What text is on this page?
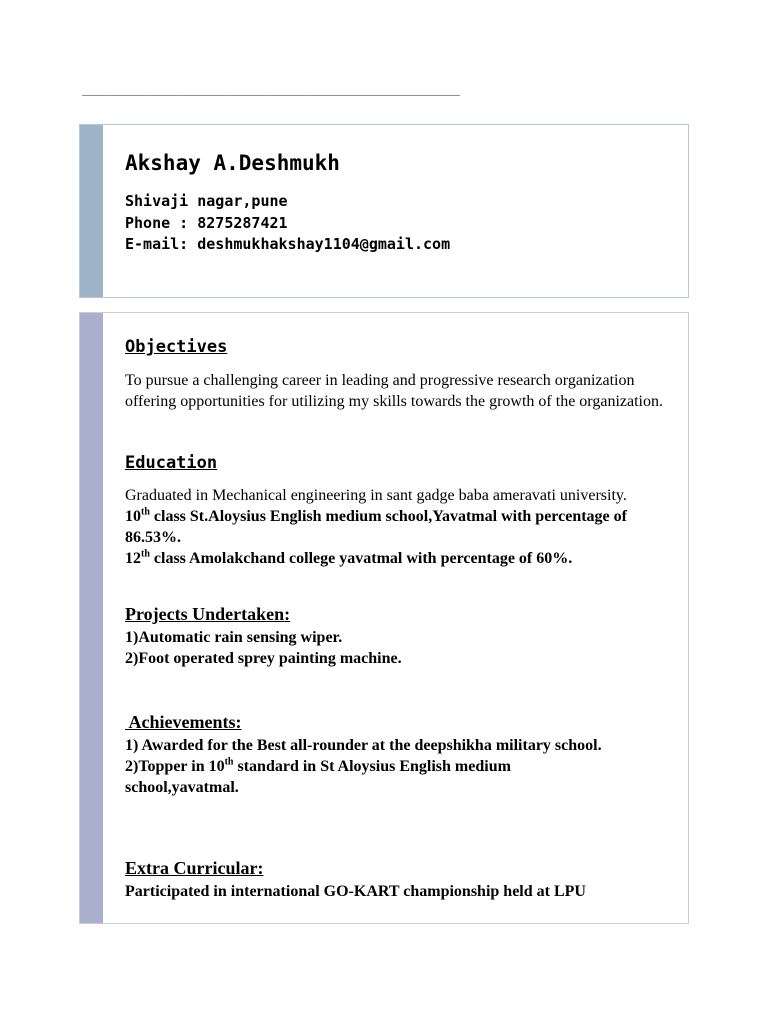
_____________________________________________
Akshay A.Deshmukh
Shivaji nagar,pune
Phone : 8275287421
E-mail: deshmukhakshay1104@gmail.com
Objectives

To pursue a challenging career in leading and progressive research organization offering opportunities for utilizing my skills towards the growth of the organization.

Education
Graduated in Mechanical engineering in sant gadge baba ameravati university.
10th class St.Aloysius English medium school,Yavatmal with percentage of 86.53%.
12th class Amolakchand college yavatmal with percentage of 60%.
Projects Undertaken:
1)Automatic rain sensing wiper.
2)Foot operated sprey painting machine.
Achievements:
1) Awarded for the Best all-rounder at the deepshikha military school.
2)Topper in 10th standard in St Aloysius English medium school,yavatmal.
Extra Curricular:

Participated in international GO-KART championship held at LPU
